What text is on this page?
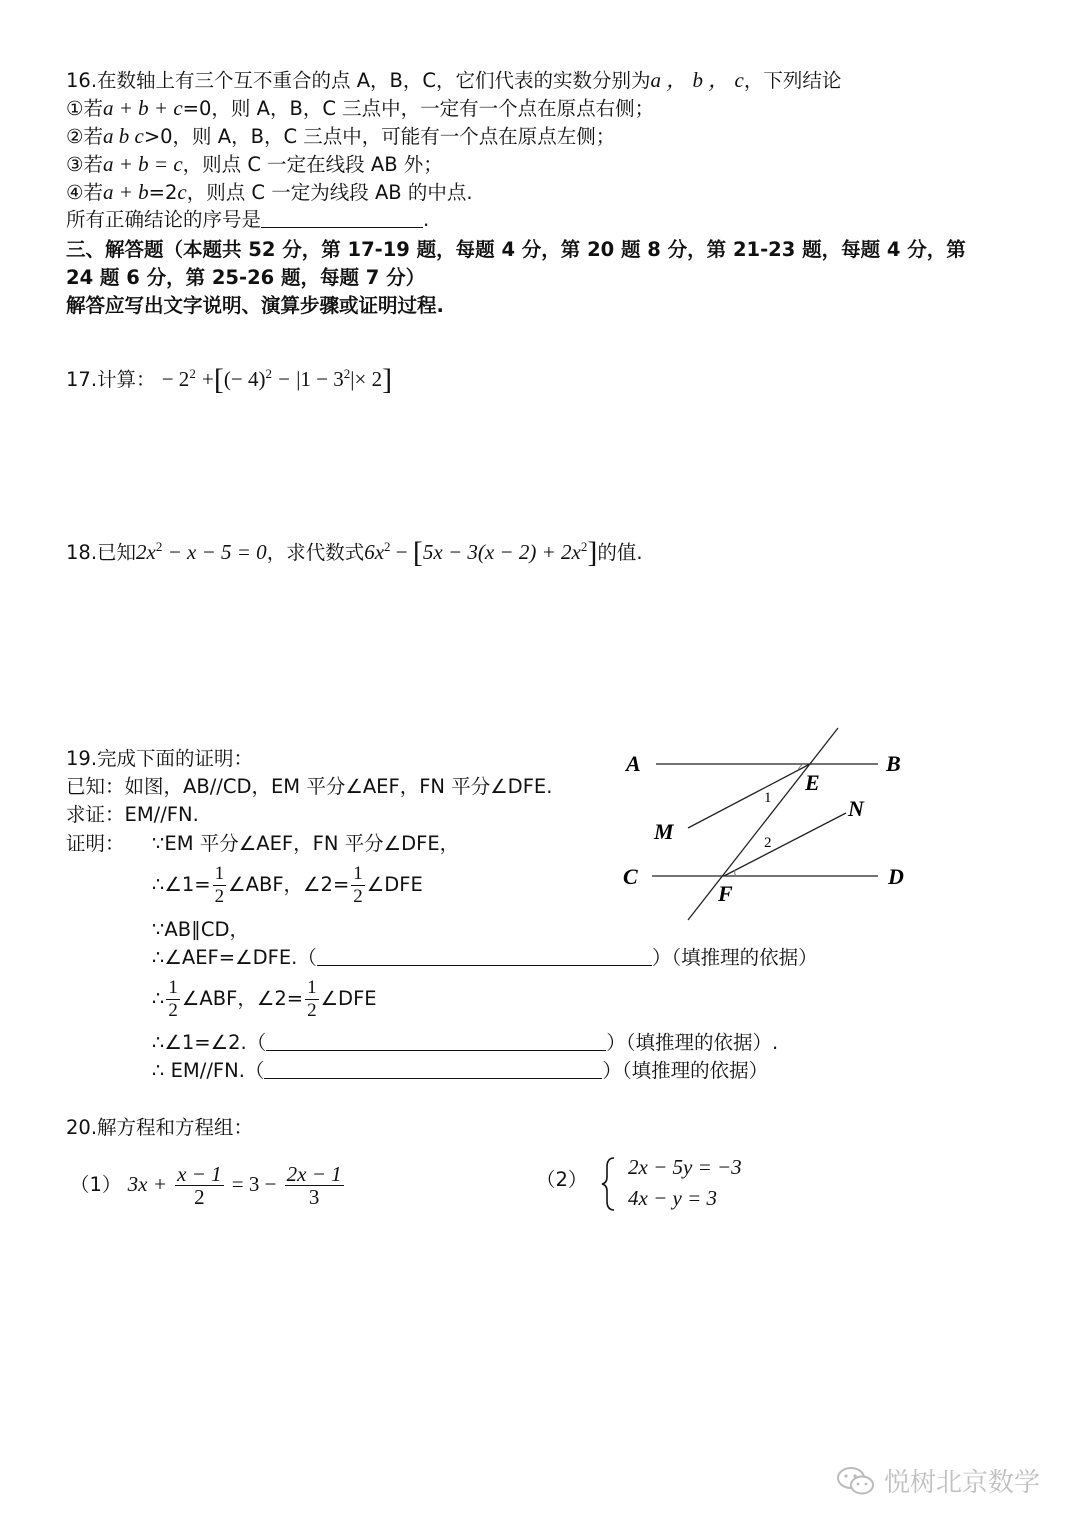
16.在数轴上有三个互不重合的点 A，B，C，它们代表的实数分别为a ， b ， c，下列结论
①若a + b + c=0，则 A，B，C 三点中，一定有一个点在原点右侧；
②若a b c>0，则 A，B，C 三点中，可能有一个点在原点左侧；
③若a + b = c，则点 C 一定在线段 AB 外；
④若a + b=2c，则点 C 一定为线段 AB 的中点.
所有正确结论的序号是	.
三、解答题（本题共 52 分，第 17-19 题，每题 4 分，第 20 题 8 分，第 21-23 题，每题 4 分，第
24 题 6 分，第 25-26 题，每题 7 分）
解答应写出文字说明、演算步骤或证明过程.
17.计算： − $2^2$ +[(− $4)^2 - |1 - 3^2|\times 2$]
18.已知$2x^2 - x - 5 = 0$，求代数式$6x^2 - [5x - 3(x - 2) + 2x^2]$的值.
19.完成下面的证明：
已知：如图，AB//CD，EM 平分∠AEF，FN 平分∠DFE.
求证：EM//FN.
证明： ∵EM 平分∠AEF，FN 平分∠DFE，
∴∠1= $\frac{1}{2}$ ∠ABF，∠2= $\frac{1}{2}$ ∠DFE
∵AB∥CD，
∴∠AEF=∠DFE.（	）（填推理的依据）
∴ $\frac{1}{2}$ ∠ABF，∠2= $\frac{1}{2}$ ∠DFE
∴∠1=∠2.（	）（填推理的依据）.
∴ EM//FN.（	）（填推理的依据）
A	B
C	D
E
F
M
N
1
2
20.解方程和方程组：
（1） $3x + \frac{x - 1}{2} = 3 - \frac{2x - 1}{3}$	（2）
2x − 5y = −3
4x − y = 3
悦树北京数学
